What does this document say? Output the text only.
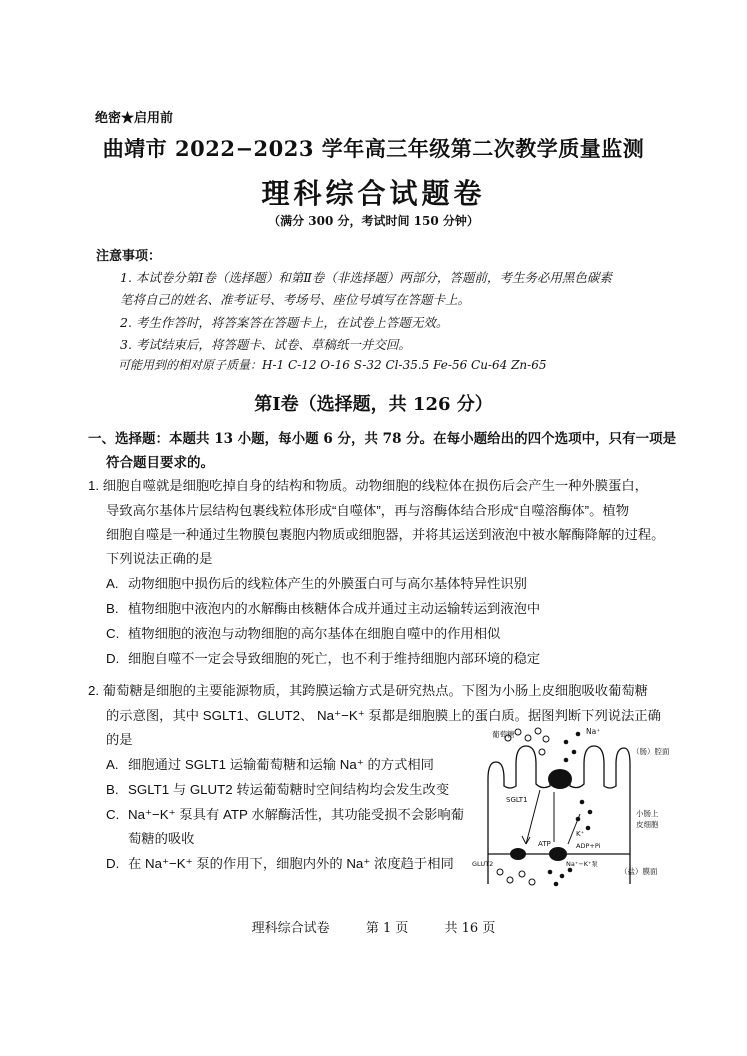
绝密★启用前
曲靖市 2022−2023 学年高三年级第二次教学质量监测
理科综合试题卷
（满分 300 分，考试时间 150 分钟）
注意事项：
1. 本试卷分第Ⅰ卷（选择题）和第Ⅱ卷（非选择题）两部分，答题前，考生务必用黑色碳素
笔将自己的姓名、准考证号、考场号、座位号填写在答题卡上。
2. 考生作答时，将答案答在答题卡上，在试卷上答题无效。
3. 考试结束后，将答题卡、试卷、草稿纸一并交回。
可能用到的相对原子质量：H-1 C-12 O-16 S-32 Cl-35.5 Fe-56 Cu-64 Zn-65
第Ⅰ卷（选择题，共 126 分）
一、选择题：本题共 13 小题，每小题 6 分，共 78 分。在每小题给出的四个选项中，只有一项是
符合题目要求的。
1. 细胞自噬就是细胞吃掉自身的结构和物质。动物细胞的线粒体在损伤后会产生一种外膜蛋白，
导致高尔基体片层结构包裹线粒体形成“自噬体”，再与溶酶体结合形成“自噬溶酶体”。植物
细胞自噬是一种通过生物膜包裹胞内物质或细胞器，并将其运送到液泡中被水解酶降解的过程。
下列说法正确的是
A. 动物细胞中损伤后的线粒体产生的外膜蛋白可与高尔基体特异性识别
B. 植物细胞中液泡内的水解酶由核糖体合成并通过主动运输转运到液泡中
C. 植物细胞的液泡与动物细胞的高尔基体在细胞自噬中的作用相似
D. 细胞自噬不一定会导致细胞的死亡，也不利于维持细胞内部环境的稳定
2. 葡萄糖是细胞的主要能源物质，其跨膜运输方式是研究热点。下图为小肠上皮细胞吸收葡萄糖
的示意图，其中 SGLT1、GLUT2、 Na⁺−K⁺ 泵都是细胞膜上的蛋白质。据图判断下列说法正确
的是
A. 细胞通过 SGLT1 运输葡萄糖和运输 Na⁺ 的方式相同
B. SGLT1 与 GLUT2 转运葡萄糖时空间结构均会发生改变
C. Na⁺−K⁺ 泵具有 ATP 水解酶活性，其功能受损不会影响葡
萄糖的吸收
D. 在 Na⁺−K⁺ 泵的作用下，细胞内外的 Na⁺ 浓度趋于相同
葡萄糖	Na⁺
（肠）腔面
SGLT1
小肠上
皮细胞
K⁺
ATP	ADP+Pi
GLUT2	Na⁺−K⁺泵
（盐）膜面
理科综合试卷	第 1 页	共 16 页
